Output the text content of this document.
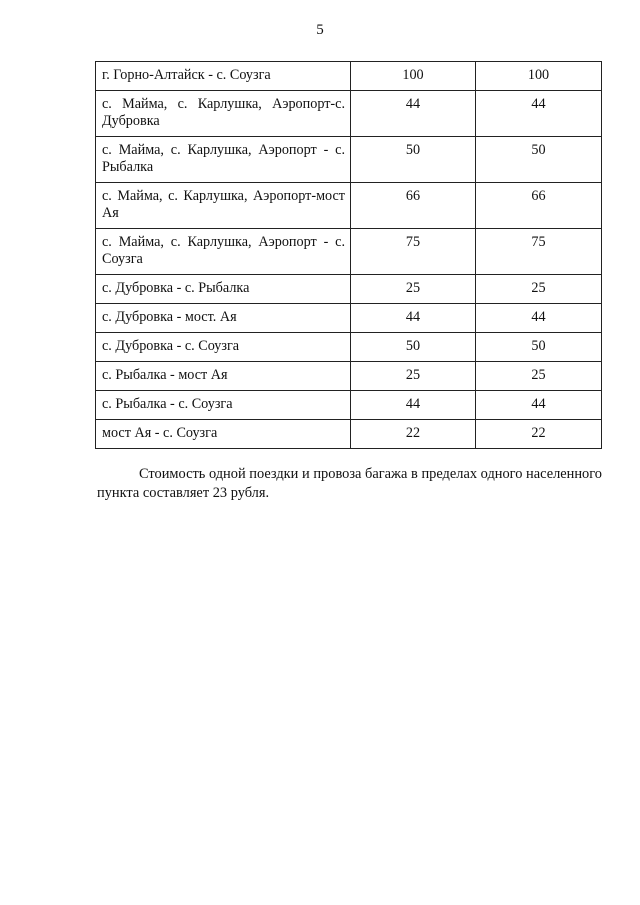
5
г. Горно-Алтайск - с. Соузга	100	100
с. Майма, с. Карлушка, Аэропорт-с. Дубровка	44	44
с. Майма, с. Карлушка, Аэропорт - с. Рыбалка	50	50
с. Майма, с. Карлушка, Аэропорт-мост Ая	66	66
с. Майма, с. Карлушка, Аэропорт - с. Соузга	75	75
с. Дубровка - с. Рыбалка	25	25
с. Дубровка - мост. Ая	44	44
с. Дубровка - с. Соузга	50	50
с. Рыбалка - мост Ая	25	25
с. Рыбалка - с. Соузга	44	44
мост Ая - с. Соузга	22	22

Стоимость одной поездки и провоза багажа в пределах одного населенного пункта составляет 23 рубля.
